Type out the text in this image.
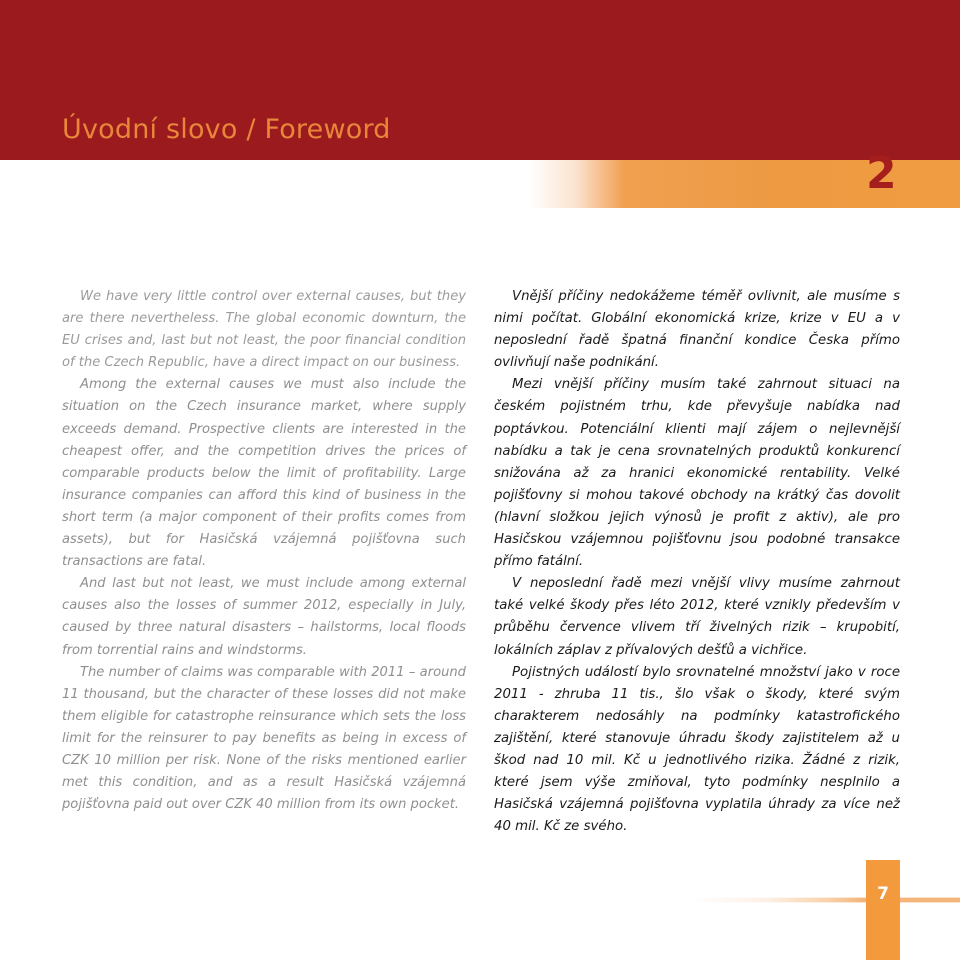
Úvodní slovo / Foreword
2

We have very little control over external causes, but they are there nevertheless. The global economic downturn, the EU crises and, last but not least, the poor financial condition of the Czech Republic, have a direct impact on our business.

Among the external causes we must also include the situation on the Czech insurance market, where supply exceeds demand. Prospective clients are interested in the cheapest offer, and the competition drives the prices of comparable products below the limit of profitability. Large insurance companies can afford this kind of business in the short term (a major component of their profits comes from assets), but for Hasičská vzájemná pojišťovna such transactions are fatal.

And last but not least, we must include among external causes also the losses of summer 2012, especially in July, caused by three natural disasters – hailstorms, local floods from torrential rains and windstorms.

The number of claims was comparable with 2011 – around 11 thousand, but the character of these losses did not make them eligible for catastrophe reinsurance which sets the loss limit for the reinsurer to pay benefits as being in excess of CZK 10 million per risk. None of the risks mentioned earlier met this condition, and as a result Hasičská vzájemná pojišťovna paid out over CZK 40 million from its own pocket.

Vnější příčiny nedokážeme téměř ovlivnit, ale musíme s nimi počítat. Globální ekonomická krize, krize v EU a v neposlední řadě špatná finanční kondice Česka přímo ovlivňují naše podnikání.

Mezi vnější příčiny musím také zahrnout situaci na českém pojistném trhu, kde převyšuje nabídka nad poptávkou. Potenciální klienti mají zájem o nejlevnější nabídku a tak je cena srovnatelných produktů konkurencí snižována až za hranici ekonomické rentability. Velké pojišťovny si mohou takové obchody na krátký čas dovolit (hlavní složkou jejich výnosů je profit z aktiv), ale pro Hasičskou vzájemnou pojišťovnu jsou podobné transakce přímo fatální.

V neposlední řadě mezi vnější vlivy musíme zahrnout také velké škody přes léto 2012, které vznikly především v průběhu července vlivem tří živelných rizik – krupobití, lokálních záplav z přívalových dešťů a vichřice.

Pojistných událostí bylo srovnatelné množství jako v roce 2011 - zhruba 11 tis., šlo však o škody, které svým charakterem nedosáhly na podmínky katastrofického zajištění, které stanovuje úhradu škody zajistitelem až u škod nad 10 mil. Kč u jednotlivého rizika. Žádné z rizik, které jsem výše zmiňoval, tyto podmínky nesplnilo a Hasičská vzájemná pojišťovna vyplatila úhrady za více než 40 mil. Kč ze svého.

7
